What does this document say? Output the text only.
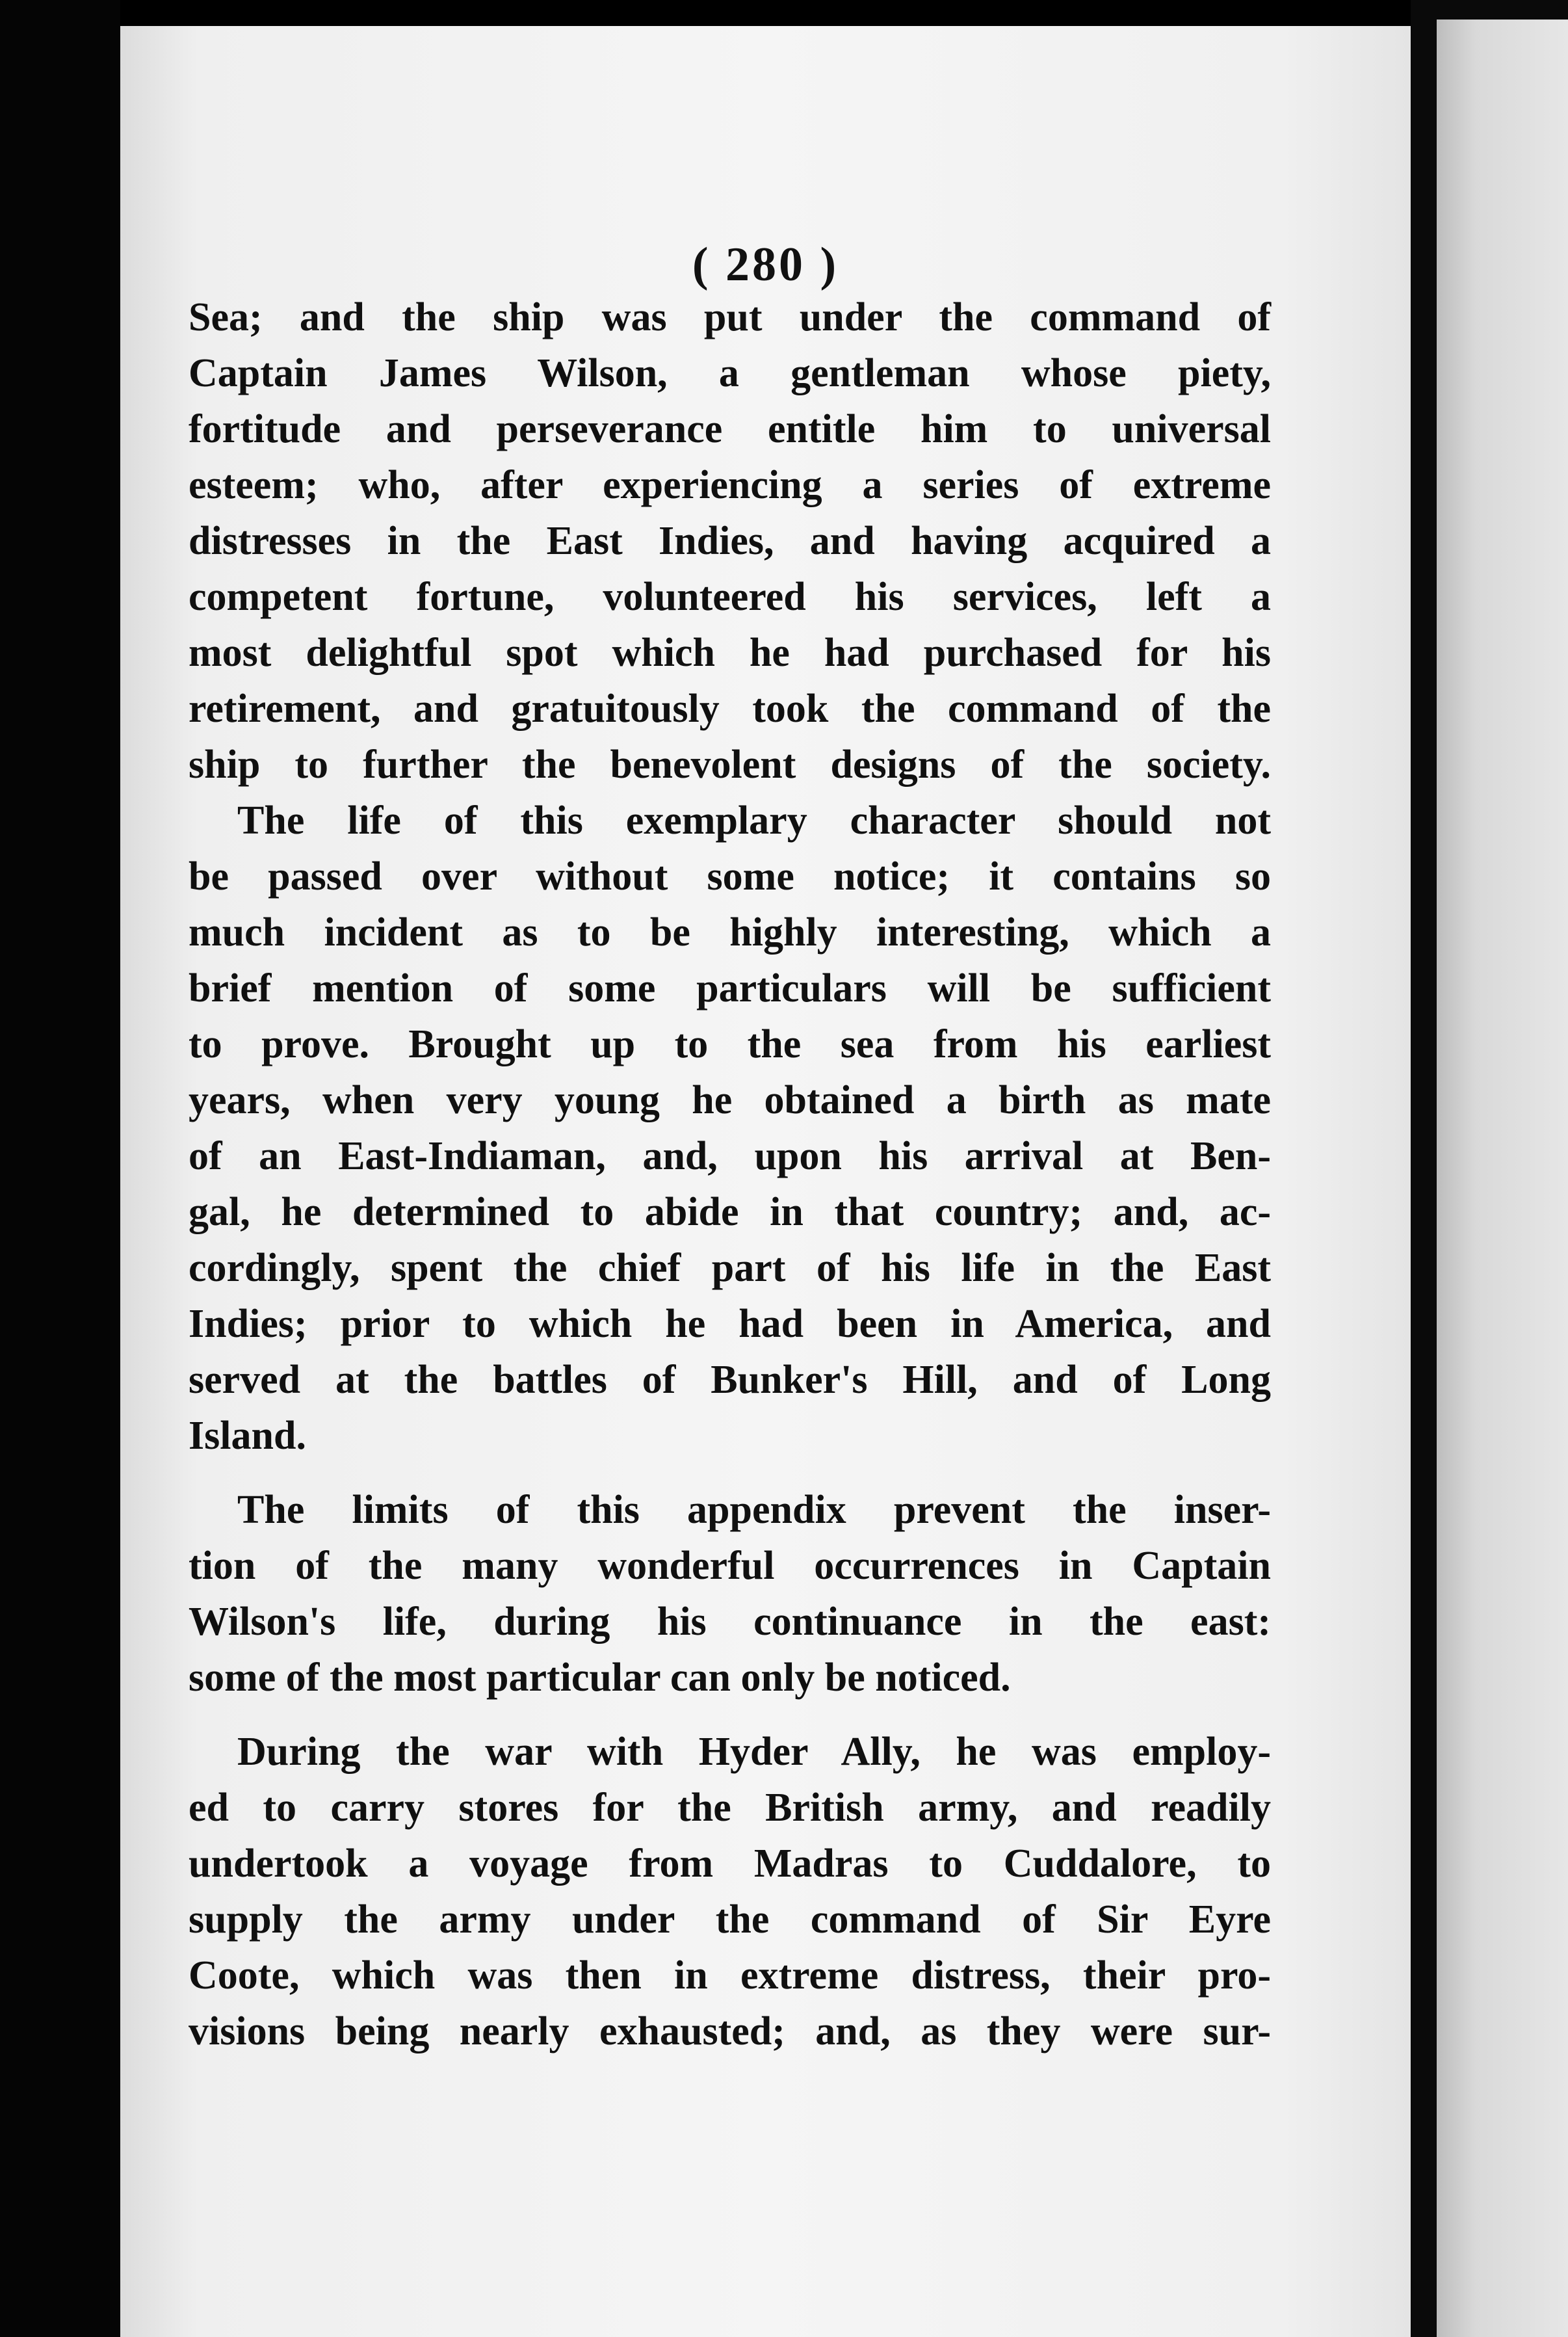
( 280 )
Sea; and the ship was put under the command of
Captain James Wilson, a gentleman whose piety,
fortitude and perseverance entitle him to universal
esteem; who, after experiencing a series of extreme
distresses in the East Indies, and having acquired a
competent fortune, volunteered his services, left a
most delightful spot which he had purchased for his
retirement, and gratuitously took the command of the
ship to further the benevolent designs of the society.
The life of this exemplary character should not
be passed over without some notice; it contains so
much incident as to be highly interesting, which a
brief mention of some particulars will be sufficient
to prove. Brought up to the sea from his earliest
years, when very young he obtained a birth as mate
of an East-Indiaman, and, upon his arrival at Ben-
gal, he determined to abide in that country; and, ac-
cordingly, spent the chief part of his life in the East
Indies; prior to which he had been in America, and
served at the battles of Bunker's Hill, and of Long
Island.
The limits of this appendix prevent the inser-
tion of the many wonderful occurrences in Captain
Wilson's life, during his continuance in the east:
some of the most particular can only be noticed.
During the war with Hyder Ally, he was employ-
ed to carry stores for the British army, and readily
undertook a voyage from Madras to Cuddalore, to
supply the army under the command of Sir Eyre
Coote, which was then in extreme distress, their pro-
visions being nearly exhausted; and, as they were sur-
